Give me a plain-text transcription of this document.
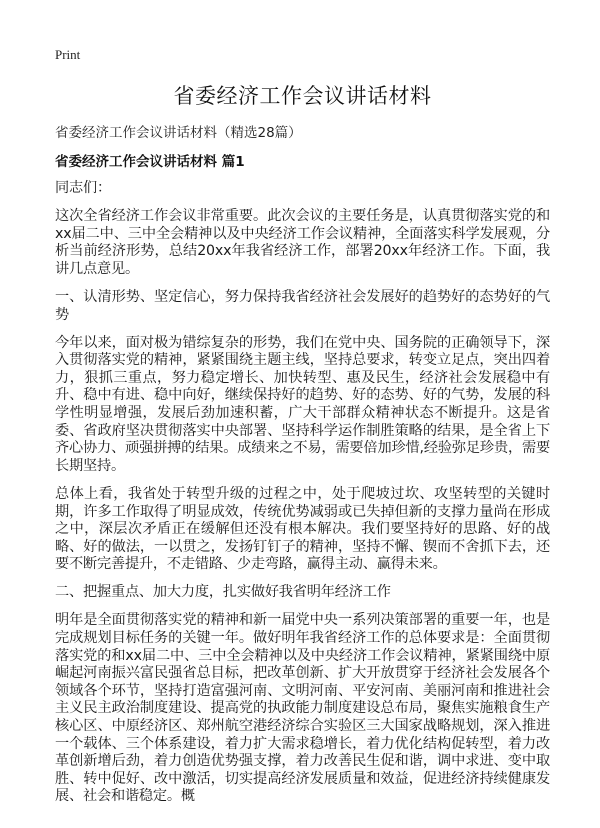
Print
省委经济工作会议讲话材料
省委经济工作会议讲话材料（精选28篇）
省委经济工作会议讲话材料 篇1

同志们：

这次全省经济工作会议非常重要。此次会议的主要任务是，认真贯彻落实党的和xx届二中、三中全会精神以及中央经济工作会议精神，全面落实科学发展观，分析当前经济形势，总结20xx年我省经济工作，部署20xx年经济工作。下面，我讲几点意见。

一、认清形势、坚定信心，努力保持我省经济社会发展好的趋势好的态势好的气势

今年以来，面对极为错综复杂的形势，我们在党中央、国务院的正确领导下，深入贯彻落实党的精神，紧紧围绕主题主线，坚持总要求，转变立足点，突出四着力，狠抓三重点，努力稳定增长、加快转型、惠及民生，经济社会发展稳中有升、稳中有进、稳中向好，继续保持好的趋势、好的态势、好的气势，发展的科学性明显增强，发展后劲加速积蓄，广大干部群众精神状态不断提升。这是省委、省政府坚决贯彻落实中央部署、坚持科学运作制胜策略的结果，是全省上下齐心协力、顽强拼搏的结果。成绩来之不易，需要倍加珍惜,经验弥足珍贵，需要长期坚持。

总体上看，我省处于转型升级的过程之中，处于爬坡过坎、攻坚转型的关键时期，许多工作取得了明显成效，传统优势减弱或已失掉但新的支撑力量尚在形成之中，深层次矛盾正在缓解但还没有根本解决。我们要坚持好的思路、好的战略、好的做法，一以贯之，发扬钉钉子的精神，坚持不懈、锲而不舍抓下去，还要不断完善提升，不走错路、少走弯路，赢得主动、赢得未来。

二、把握重点、加大力度，扎实做好我省明年经济工作

明年是全面贯彻落实党的精神和新一届党中央一系列决策部署的重要一年，也是完成规划目标任务的关键一年。做好明年我省经济工作的总体要求是：全面贯彻落实党的和xx届二中、三中全会精神以及中央经济工作会议精神，紧紧围绕中原崛起河南振兴富民强省总目标，把改革创新、扩大开放贯穿于经济社会发展各个领域各个环节，坚持打造富强河南、文明河南、平安河南、美丽河南和推进社会主义民主政治制度建设、提高党的执政能力制度建设总布局，聚焦实施粮食生产核心区、中原经济区、郑州航空港经济综合实验区三大国家战略规划，深入推进一个载体、三个体系建设，着力扩大需求稳增长，着力优化结构促转型，着力改革创新增后劲，着力创造优势强支撑，着力改善民生促和谐，调中求进、变中取胜、转中促好、改中激活，切实提高经济发展质量和效益，促进经济持续健康发展、社会和谐稳定。概
